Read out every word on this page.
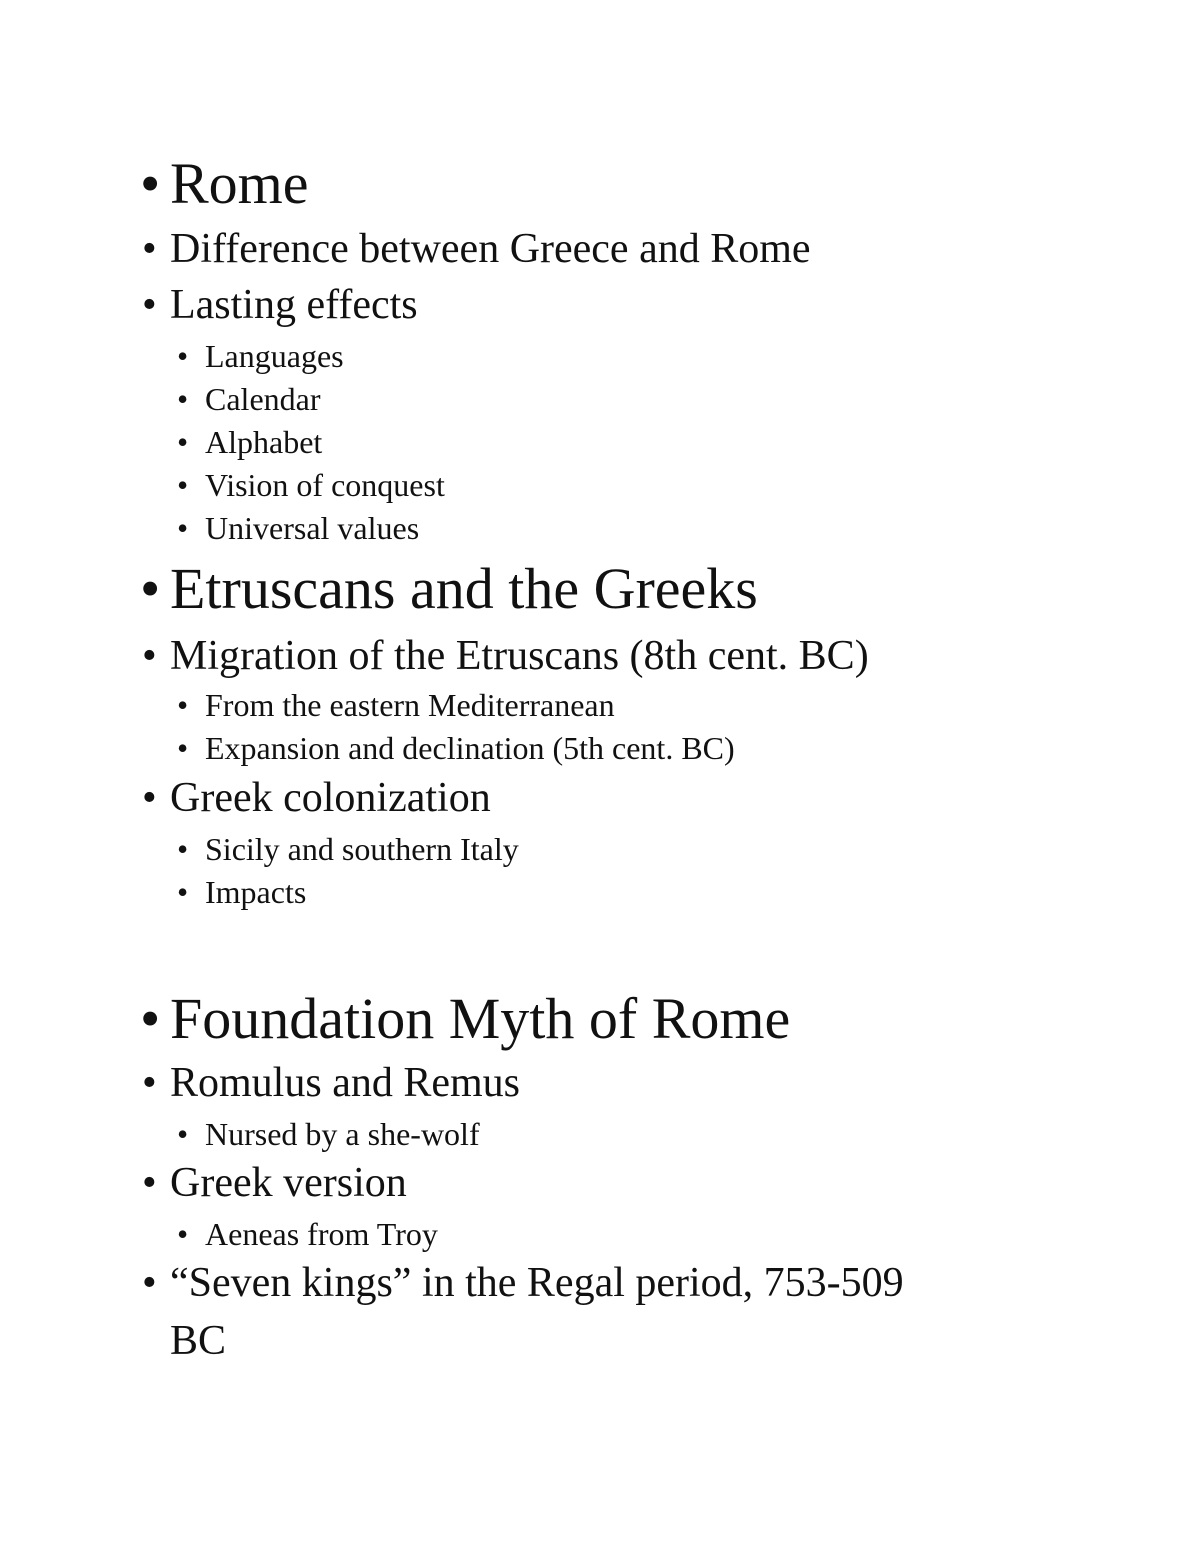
• Rome
• Difference between Greece and Rome
• Lasting effects
• Languages
• Calendar
• Alphabet
• Vision of conquest
• Universal values
• Etruscans and the Greeks
• Migration of the Etruscans (8th cent. BC)
• From the eastern Mediterranean
• Expansion and declination (5th cent. BC)
• Greek colonization
• Sicily and southern Italy
• Impacts
• Foundation Myth of Rome
• Romulus and Remus
• Nursed by a she-wolf
• Greek version
• Aeneas from Troy
• “Seven kings” in the Regal period, 753-509
BC
